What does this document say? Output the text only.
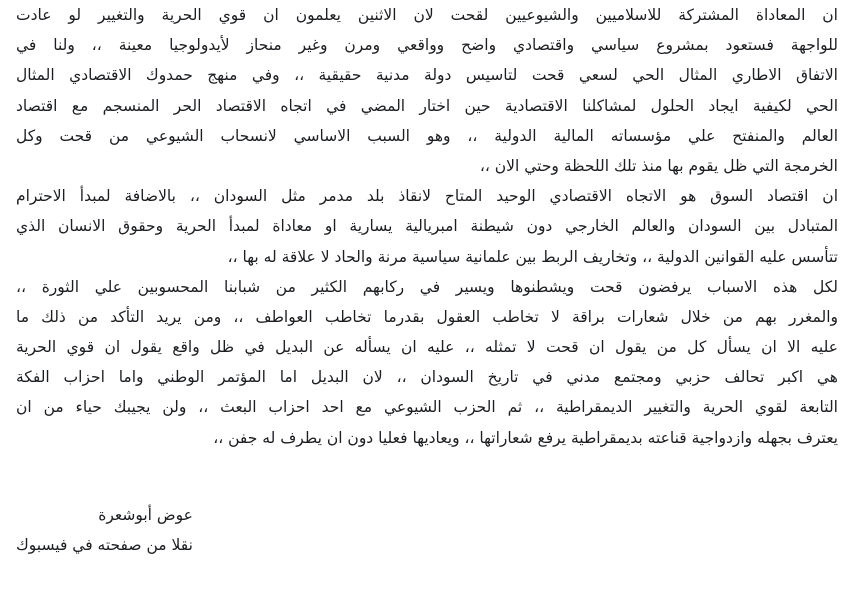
ان المعاداة المشتركة للاسلاميين والشيوعيين لقحت لان الاثنين يعلمون ان قوي الحرية والتغيير لو عادت
للواجهة فستعود بمشروع سياسي واقتصادي واضح وواقعي ومرن وغير منحاز لأيدولوجيا معينة ،، ولنا في
الاتفاق الاطاري المثال الحي لسعي قحت لتاسيس دولة مدنية حقيقية ،، وفي منهج حمدوك الاقتصادي المثال
الحي لكيفية ايجاد الحلول لمشاكلنا الاقتصادية حين اختار المضي في اتجاه الاقتصاد الحر المنسجم مع اقتصاد
العالم والمنفتح علي مؤسساته المالية الدولية ،، وهو السبب الاساسي لانسحاب الشيوعي من قحت وكل
الخرمجة التي ظل يقوم بها منذ تلك اللحظة وحتي الان ،،
ان اقتصاد السوق هو الاتجاه الاقتصادي الوحيد المتاح لانقاذ بلد مدمر مثل السودان ،، بالاضافة لمبدأ الاحترام
المتبادل بين السودان والعالم الخارجي دون شيطنة امبريالية يسارية او معاداة لمبدأ الحرية وحقوق الانسان الذي
تتأسس عليه القوانين الدولية ،، وتخاريف الربط بين علمانية سياسية مرنة والحاد لا علاقة له بها ،،
لكل هذه الاسباب يرفضون قحت ويشطنوها ويسير في ركابهم الكثير من شبابنا المحسوبين علي الثورة ،،
والمغرر بهم من خلال شعارات براقة لا تخاطب العقول بقدرما تخاطب العواطف ،، ومن يريد التأكد من ذلك ما
عليه الا ان يسأل كل من يقول ان قحت لا تمثله ،، عليه ان يسأله عن البديل في ظل واقع يقول ان قوي الحرية
هي اكبر تحالف حزبي ومجتمع مدني في تاريخ السودان ،، لان البديل اما المؤتمر الوطني واما احزاب الفكة
التابعة لقوي الحرية والتغيير الديمقراطية ،، ثم الحزب الشيوعي مع احد احزاب البعث ،، ولن يجيبك حياء من ان
يعترف بجهله وازدواجية قناعته بديمقراطية يرفع شعاراتها ،، ويعاديها فعليا دون ان يطرف له جفن ،،
عوض أبوشعرة
نقلا من صفحته في فيسبوك
